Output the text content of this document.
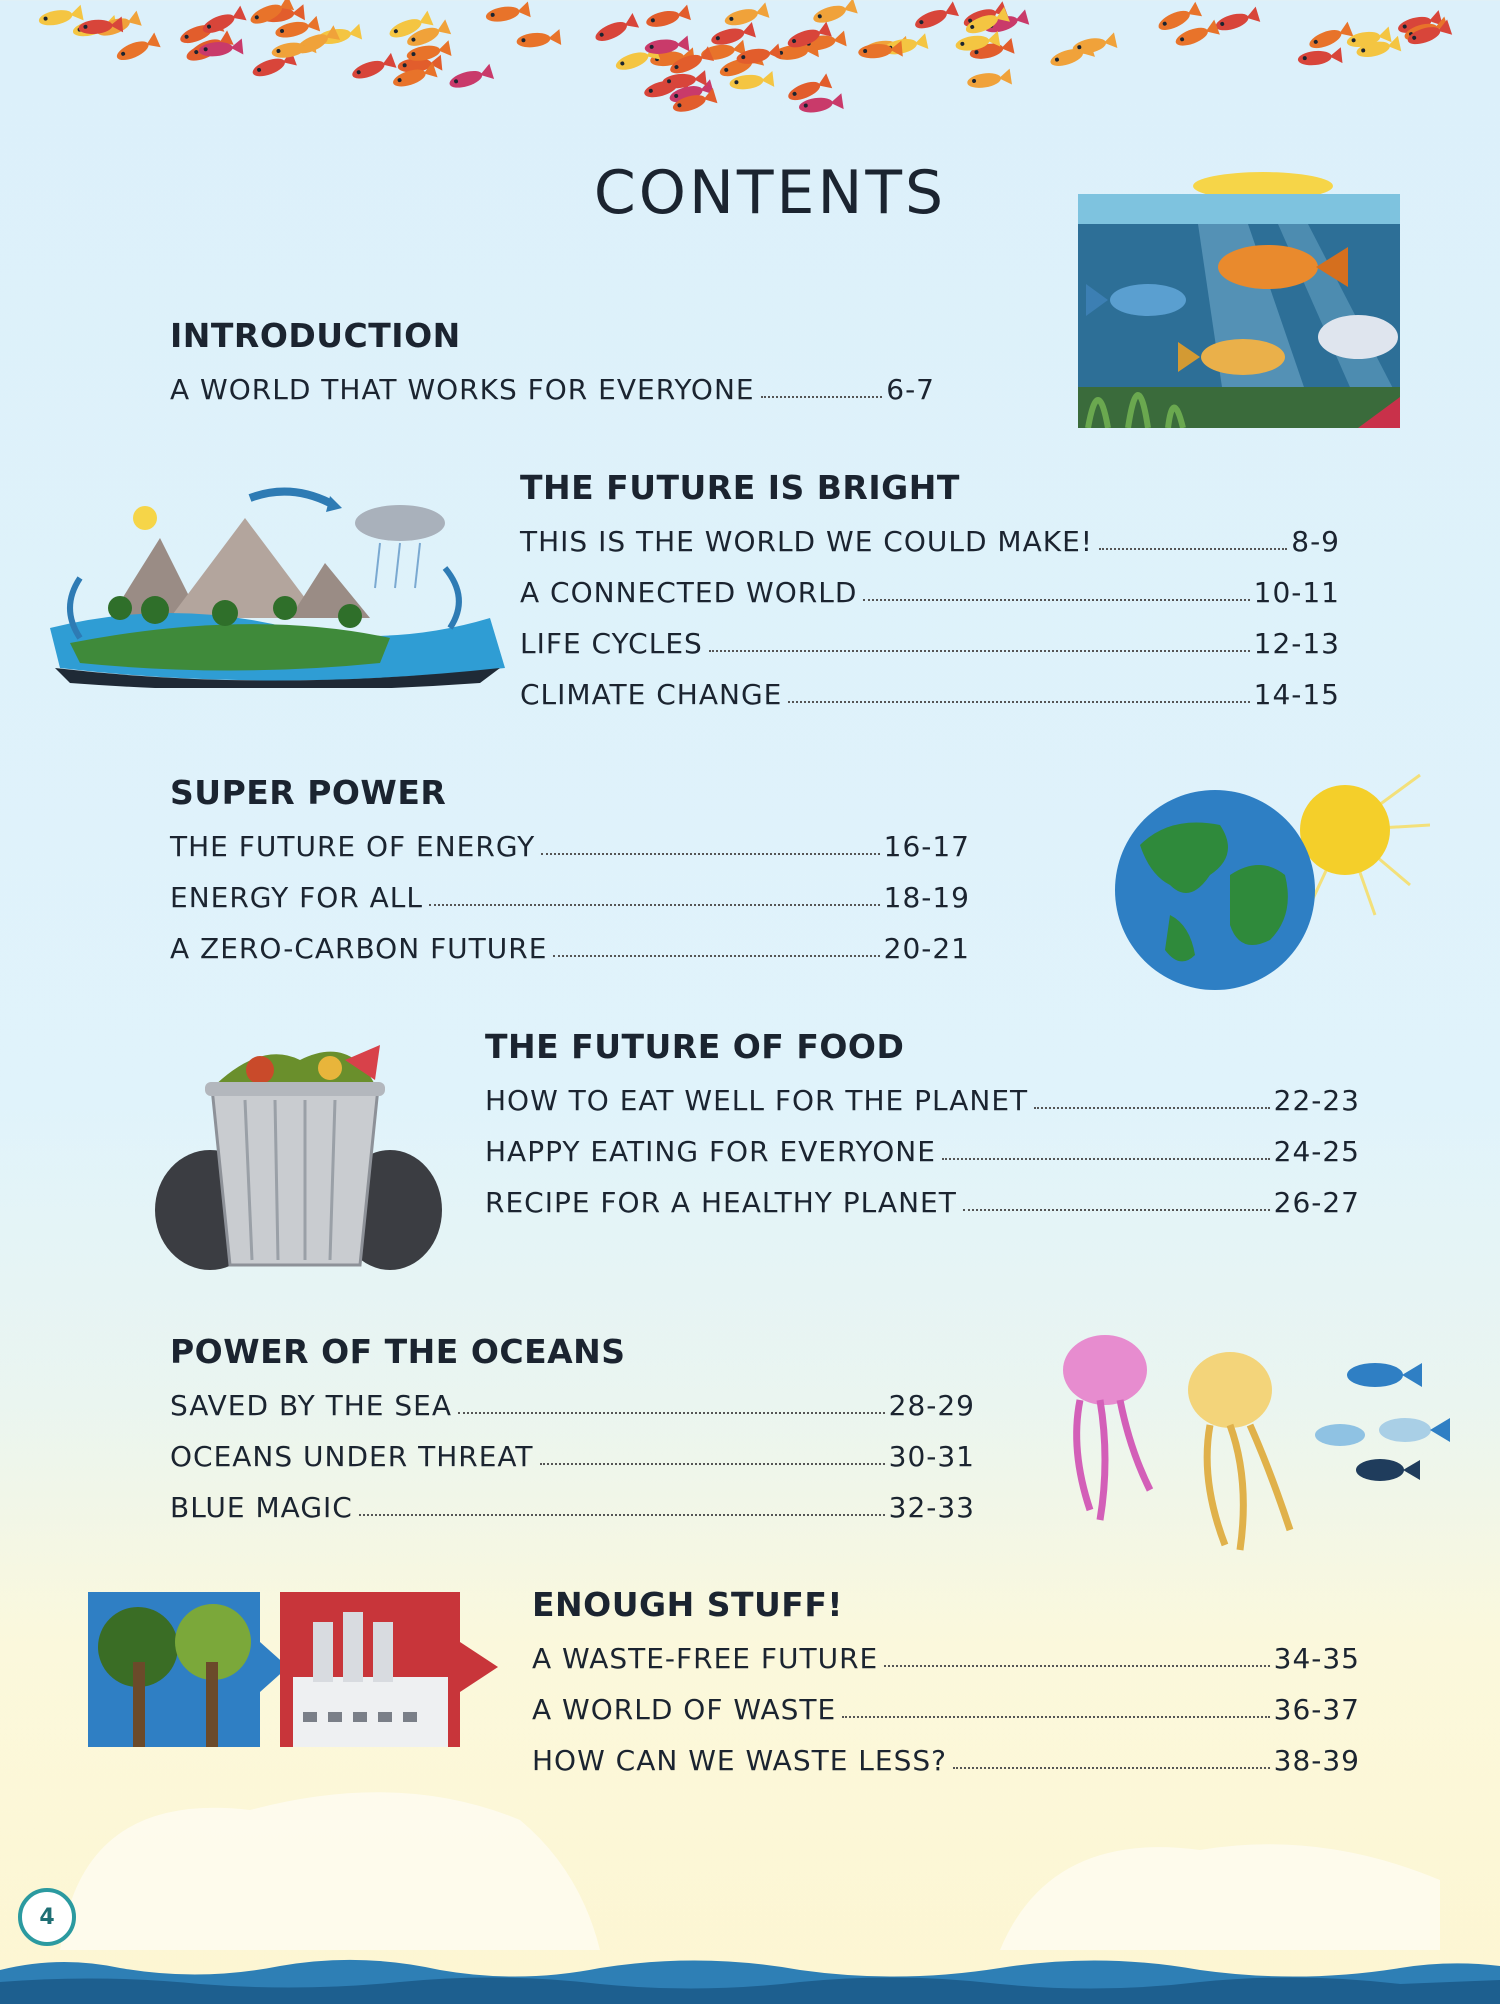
CONTENTS
4
INTRODUCTION
A WORLD THAT WORKS FOR EVERYONE	6-7
THE FUTURE IS BRIGHT
THIS IS THE WORLD WE COULD MAKE!	8-9
A CONNECTED WORLD	10-11
LIFE CYCLES	12-13
CLIMATE CHANGE	14-15
SUPER POWER
THE FUTURE OF ENERGY	16-17
ENERGY FOR ALL	18-19
A ZERO-CARBON FUTURE	20-21
THE FUTURE OF FOOD
HOW TO EAT WELL FOR THE PLANET	22-23
HAPPY EATING FOR EVERYONE	24-25
RECIPE FOR A HEALTHY PLANET	26-27
POWER OF THE OCEANS
SAVED BY THE SEA	28-29
OCEANS UNDER THREAT	30-31
BLUE MAGIC	32-33
ENOUGH STUFF!
A WASTE-FREE FUTURE	34-35
A WORLD OF WASTE	36-37
HOW CAN WE WASTE LESS?	38-39
